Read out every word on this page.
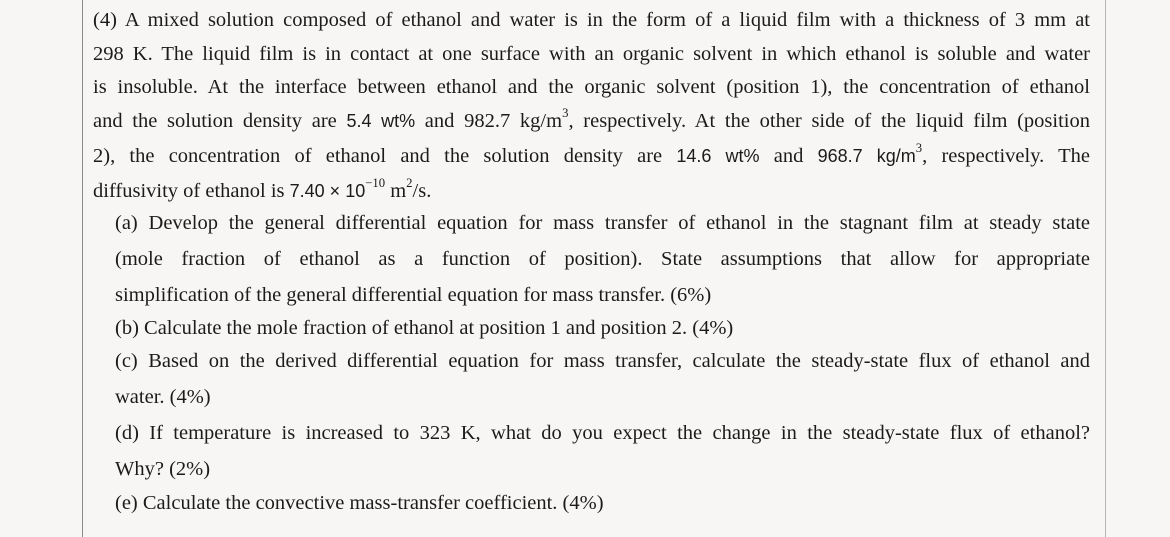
(4) A mixed solution composed of ethanol and water is in the form of a liquid film with a thickness of 3 mm at
298 K. The liquid film is in contact at one surface with an organic solvent in which ethanol is soluble and water
is insoluble. At the interface between ethanol and the organic solvent (position 1), the concentration of ethanol
and the solution density are 5.4 wt% and 982.7 $kg/m^3$, respectively. At the other side of the liquid film (position
2), the concentration of ethanol and the solution density are 14.6 wt% and 968.7 $kg/m^3$, respectively. The
diffusivity of ethanol is $7.40 \times 10^{-10}$ $m^2/s$.
(a) Develop the general differential equation for mass transfer of ethanol in the stagnant film at steady state
(mole fraction of ethanol as a function of position). State assumptions that allow for appropriate
simplification of the general differential equation for mass transfer. (6%)
(b) Calculate the mole fraction of ethanol at position 1 and position 2. (4%)
(c) Based on the derived differential equation for mass transfer, calculate the steady-state flux of ethanol and
water. (4%)
(d) If temperature is increased to 323 K, what do you expect the change in the steady-state flux of ethanol?
Why? (2%)
(e) Calculate the convective mass-transfer coefficient. (4%)
